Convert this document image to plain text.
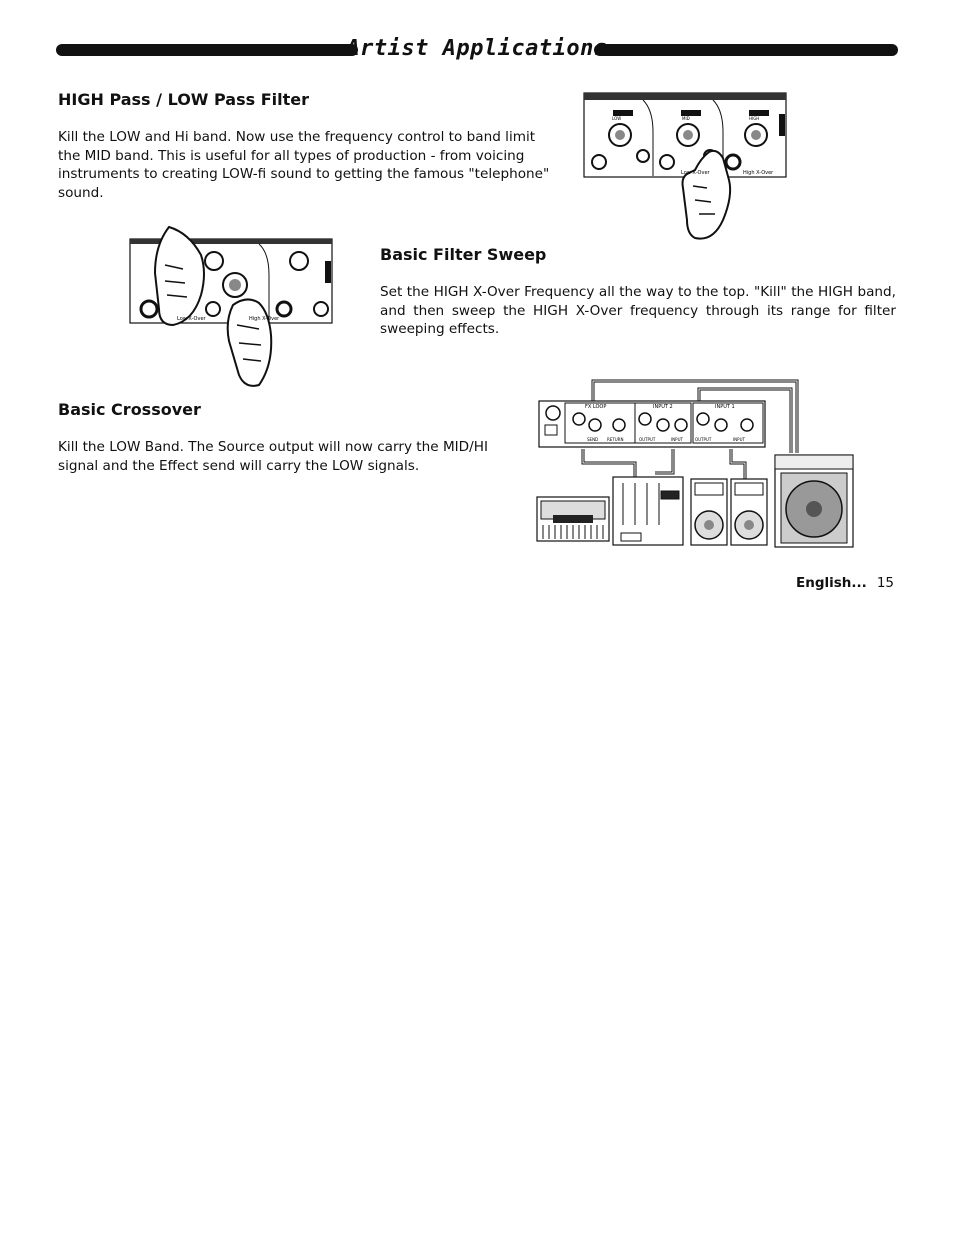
Artist Applications
HIGH Pass / LOW Pass Filter

Kill the LOW and Hi band. Now use the frequency control to band limit the MID band. This is useful for all types of production - from voicing instruments to creating LOW-fi sound to getting the famous "telephone" sound.

Low X-Over	High X-Over
LOW	MID	HIGH
Low X-Over	High X-Over
Basic Filter Sweep

Set the HIGH X-Over Frequency all the way to the top. "Kill" the HIGH band, and then sweep the HIGH X-Over frequency through its range for filter sweeping effects.

Basic Crossover

Kill the LOW Band. The Source output will now carry the MID/HI signal and the Effect send will carry the LOW signals.

FX LOOP	INPUT 2	INPUT 1
SEND RETURN	OUTPUT	INPUT	OUTPUT	INPUT
English... 15
